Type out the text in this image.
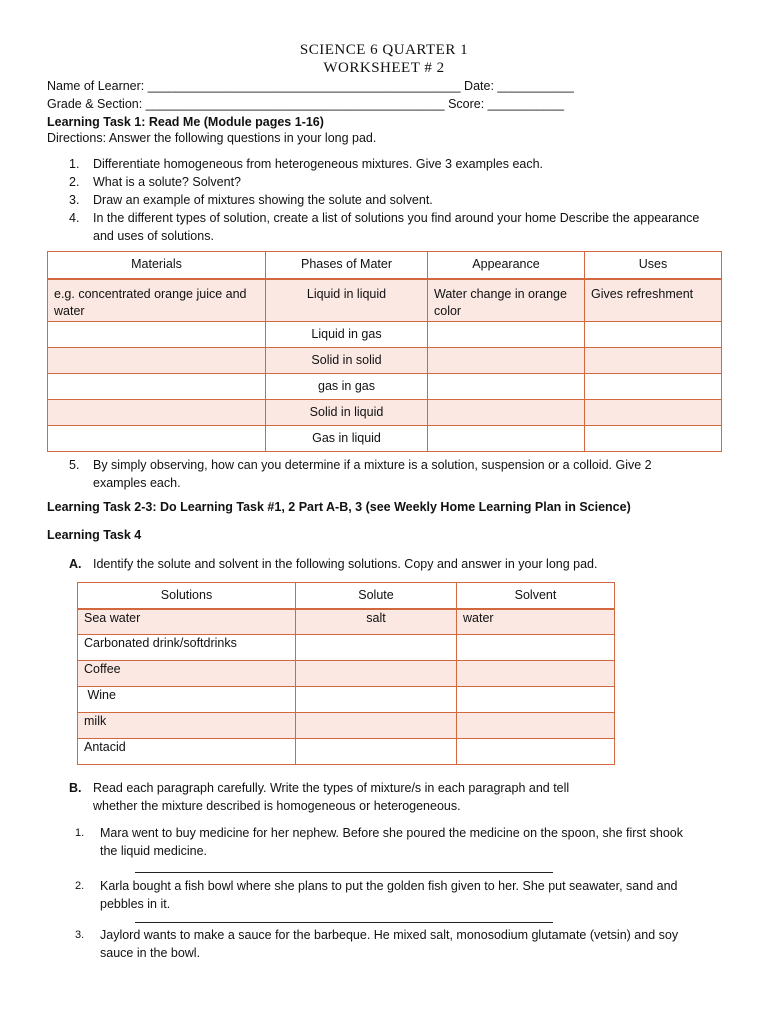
SCIENCE 6 QUARTER 1
WORKSHEET # 2
Name of Learner: _____________________________________________ Date: ___________
Grade & Section: ___________________________________________ Score: ___________
Learning Task 1: Read Me (Module pages 1-16)
Directions: Answer the following questions in your long pad.
1. Differentiate homogeneous from heterogeneous mixtures. Give 3 examples each.
2. What is a solute? Solvent?
3. Draw an example of mixtures showing the solute and solvent.
4. In the different types of solution, create a list of solutions you find around your home Describe the appearance and uses of solutions.
Materials	Phases of Mater	Appearance	Uses
e.g. concentrated orange juice and water	Liquid in liquid	Water change in orange color	Gives refreshment
	Liquid in gas		
	Solid in solid		
	gas in gas		
	Solid in liquid		
	Gas in liquid		
5. By simply observing, how can you determine if a mixture is a solution, suspension or a colloid. Give 2 examples each.
Learning Task 2-3: Do Learning Task #1, 2 Part A-B, 3 (see Weekly Home Learning Plan in Science)
Learning Task 4
A. Identify the solute and solvent in the following solutions. Copy and answer in your long pad.
Solutions	Solute	Solvent
Sea water	salt	water
Carbonated drink/softdrinks		
Coffee		
Wine		
milk		
Antacid		
B. Read each paragraph carefully. Write the types of mixture/s in each paragraph and tell whether the mixture described is homogeneous or heterogeneous.
1. Mara went to buy medicine for her nephew. Before she poured the medicine on the spoon, she first shook the liquid medicine.
2. Karla bought a fish bowl where she plans to put the golden fish given to her. She put seawater, sand and pebbles in it.
3. Jaylord wants to make a sauce for the barbeque. He mixed salt, monosodium glutamate (vetsin) and soy sauce in the bowl.
